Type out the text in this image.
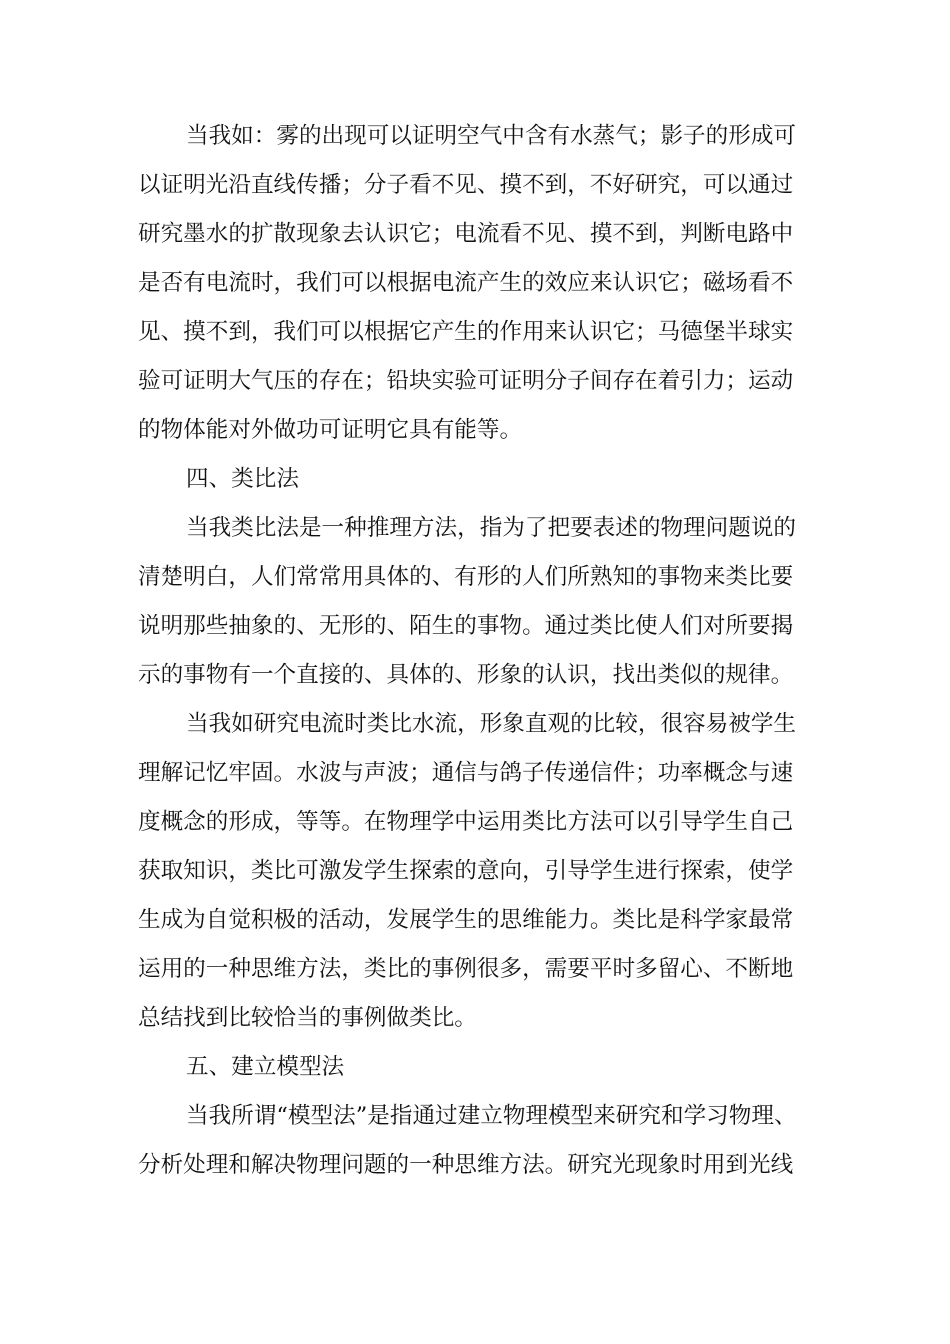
当我如：雾的出现可以证明空气中含有水蒸气；影子的形成可
以证明光沿直线传播；分子看不见、摸不到，不好研究，可以通过
研究墨水的扩散现象去认识它；电流看不见、摸不到，判断电路中
是否有电流时，我们可以根据电流产生的效应来认识它；磁场看不
见、摸不到，我们可以根据它产生的作用来认识它；马德堡半球实
验可证明大气压的存在；铅块实验可证明分子间存在着引力；运动
的物体能对外做功可证明它具有能等。
四、类比法
当我类比法是一种推理方法，指为了把要表述的物理问题说的
清楚明白，人们常常用具体的、有形的人们所熟知的事物来类比要
说明那些抽象的、无形的、陌生的事物。通过类比使人们对所要揭
示的事物有一个直接的、具体的、形象的认识，找出类似的规律。
当我如研究电流时类比水流，形象直观的比较，很容易被学生
理解记忆牢固。水波与声波；通信与鸽子传递信件；功率概念与速
度概念的形成，等等。在物理学中运用类比方法可以引导学生自己
获取知识，类比可激发学生探索的意向，引导学生进行探索，使学
生成为自觉积极的活动，发展学生的思维能力。类比是科学家最常
运用的一种思维方法，类比的事例很多，需要平时多留心、不断地
总结找到比较恰当的事例做类比。
五、建立模型法
当我所谓“模型法”是指通过建立物理模型来研究和学习物理、
分析处理和解决物理问题的一种思维方法。研究光现象时用到光线
